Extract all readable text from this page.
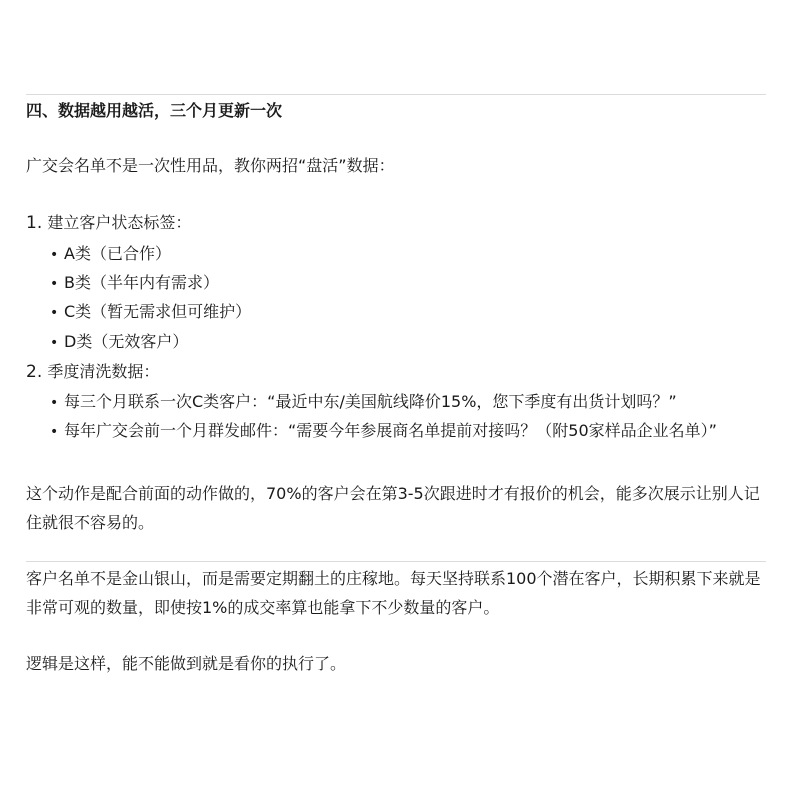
四、数据越用越活，三个月更新一次
广交会名单不是一次性用品，教你两招“盘活”数据：
1. 建立客户状态标签：
• A类（已合作）
• B类（半年内有需求）
• C类（暂无需求但可维护）
• D类（无效客户）
2. 季度清洗数据：
• 每三个月联系一次C类客户：“最近中东/美国航线降价15%，您下季度有出货计划吗？”
• 每年广交会前一个月群发邮件：“需要今年参展商名单提前对接吗？（附50家样品企业名单）”
这个动作是配合前面的动作做的，70%的客户会在第3-5次跟进时才有报价的机会，能多次展示让别人记住就很不容易的。
客户名单不是金山银山，而是需要定期翻土的庄稼地。每天坚持联系100个潜在客户，长期积累下来就是非常可观的数量，即使按1%的成交率算也能拿下不少数量的客户。
逻辑是这样，能不能做到就是看你的执行了。
